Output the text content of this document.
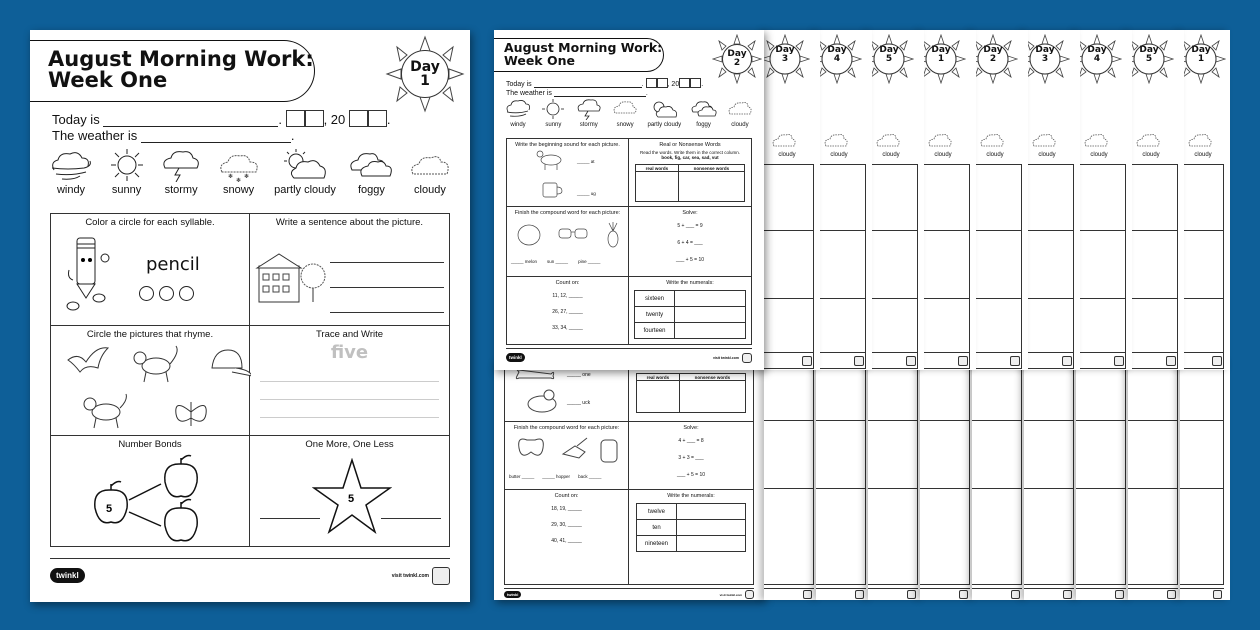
August Morning Work:
Week One
Day
1
Today is	.	, 20	.
The weather is	.
windy sunny stormy
❄ ❄
❄
snowy partly cloudy foggy	cloudy
Color a circle for each syllable.
pencil
Write a sentence about the picture.
Circle the pictures that rhyme.	Trace and Write
five
Number Bonds
5
One More, One Less
5
twinkl	visit twinkl.com
_____ one
_____ uck
real words	nonsense words

Finish the compound word for each picture:
butter _____ _____ hopper back _____
Solve:
4 + ___ = 8
3 + 3 = ___
___ + 5 = 10
Count on:
18, 19, _____
29, 30, _____
40, 41, _____
Write the numerals:
twelve	
ten	
nineteen	
twinkl	visit twinkl.com
Day
3
cloudy
Day
4
cloudy
Day
5
cloudy
Day
1
cloudy
Day
2
cloudy
Day
3
cloudy
Day
4
cloudy
Day
5
cloudy
Day
1
cloudy
August Morning Work:
Week One	Day
2
Today is	.	, 20	.
The weather is	.
windy	sunny	stormy	snowy partly cloudy	foggy	cloudy
Write the beginning sound for each picture.
_____ at
_____ ug
Real or Nonsense Words
Read the words. Write them in the correct column.
book, fig, car, sea, sad, vut
real words	nonsense words

Finish the compound word for each picture:
_____ melon sun _____ pine _____
Solve:
5 + ___ = 9
6 + 4 = ___
___ + 5 = 10
Count on:
11, 12, _____
26, 27, _____
33, 34, _____
Write the numerals:
sixteen	
twenty	
fourteen	
twinkl	visit twinkl.com
